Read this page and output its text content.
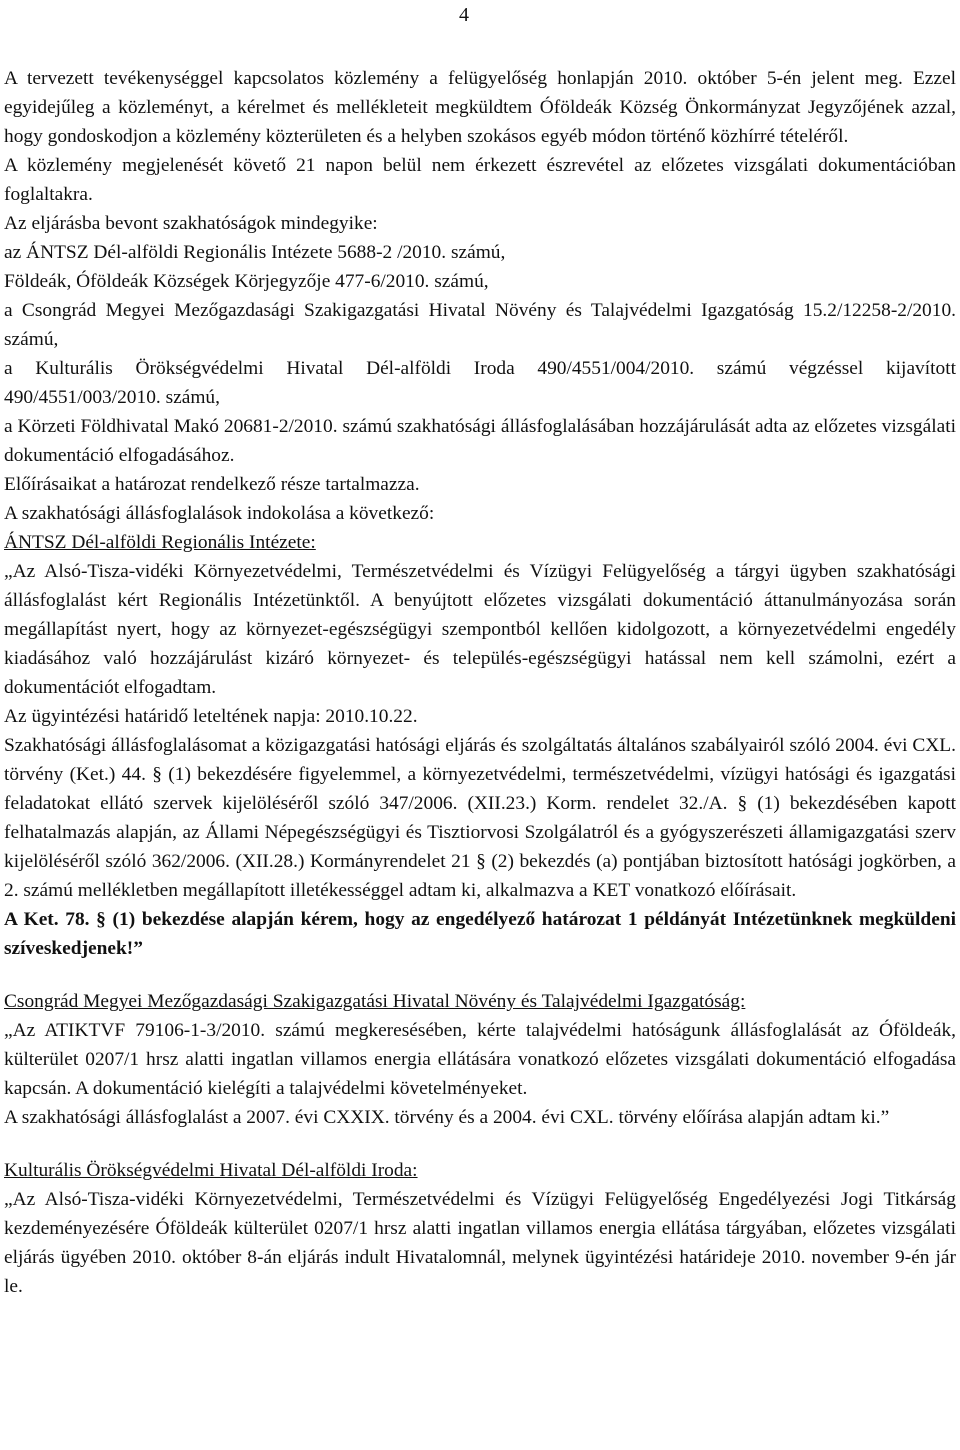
4

A tervezett tevékenységgel kapcsolatos közlemény a felügyelőség honlapján 2010. október 5-én jelent meg. Ezzel egyidejűleg a közleményt, a kérelmet és mellékleteit megküldtem Óföldeák Község Önkormányzat Jegyzőjének azzal, hogy gondoskodjon a közlemény közterületen és a helyben szokásos egyéb módon történő közhírré tételéről.

A közlemény megjelenését követő 21 napon belül nem érkezett észrevétel az előzetes vizsgálati dokumentációban foglaltakra.

Az eljárásba bevont szakhatóságok mindegyike:

az ÁNTSZ Dél-alföldi Regionális Intézete 5688-2 /2010. számú,

Földeák, Óföldeák Községek Körjegyzője 477-6/2010. számú,

a Csongrád Megyei Mezőgazdasági Szakigazgatási Hivatal Növény és Talajvédelmi Igazgatóság 15.2/12258-2/2010. számú,

a Kulturális Örökségvédelmi Hivatal Dél-alföldi Iroda 490/4551/004/2010. számú végzéssel kijavított 490/4551/003/2010. számú,

a Körzeti Földhivatal Makó 20681-2/2010. számú szakhatósági állásfoglalásában hozzájárulását adta az előzetes vizsgálati dokumentáció elfogadásához.

Előírásaikat a határozat rendelkező része tartalmazza.

A szakhatósági állásfoglalások indokolása a következő:

ÁNTSZ Dél-alföldi Regionális Intézete:

„Az Alsó-Tisza-vidéki Környezetvédelmi, Természetvédelmi és Vízügyi Felügyelőség a tárgyi ügyben szakhatósági állásfoglalást kért Regionális Intézetünktől. A benyújtott előzetes vizsgálati dokumentáció áttanulmányozása során megállapítást nyert, hogy az környezet-egészségügyi szempontból kellően kidolgozott, a környezetvédelmi engedély kiadásához való hozzájárulást kizáró környezet- és település-egészségügyi hatással nem kell számolni, ezért a dokumentációt elfogadtam.

Az ügyintézési határidő leteltének napja: 2010.10.22.

Szakhatósági állásfoglalásomat a közigazgatási hatósági eljárás és szolgáltatás általános szabályairól szóló 2004. évi CXL. törvény (Ket.) 44. § (1) bekezdésére figyelemmel, a környezetvédelmi, természetvédelmi, vízügyi hatósági és igazgatási feladatokat ellátó szervek kijelöléséről szóló 347/2006. (XII.23.) Korm. rendelet 32./A. § (1) bekezdésében kapott felhatalmazás alapján, az Állami Népegészségügyi és Tisztiorvosi Szolgálatról és a gyógyszerészeti államigazgatási szerv kijelöléséről szóló 362/2006. (XII.28.) Kormányrendelet 21 § (2) bekezdés (a) pontjában biztosított hatósági jogkörben, a 2. számú mellékletben megállapított illetékességgel adtam ki, alkalmazva a KET vonatkozó előírásait.

A Ket. 78. § (1) bekezdése alapján kérem, hogy az engedélyező határozat 1 példányát Intézetünknek megküldeni szíveskedjenek!”

Csongrád Megyei Mezőgazdasági Szakigazgatási Hivatal Növény és Talajvédelmi Igazgatóság:

„Az ATIKTVF 79106-1-3/2010. számú megkeresésében, kérte talajvédelmi hatóságunk állásfoglalását az Óföldeák, külterület 0207/1 hrsz alatti ingatlan villamos energia ellátására vonatkozó előzetes vizsgálati dokumentáció elfogadása kapcsán. A dokumentáció kielégíti a talajvédelmi követelményeket.

A szakhatósági állásfoglalást a 2007. évi CXXIX. törvény és a 2004. évi CXL. törvény előírása alapján adtam ki.”

Kulturális Örökségvédelmi Hivatal Dél-alföldi Iroda:

„Az Alsó-Tisza-vidéki Környezetvédelmi, Természetvédelmi és Vízügyi Felügyelőség Engedélyezési Jogi Titkárság kezdeményezésére Óföldeák külterület 0207/1 hrsz alatti ingatlan villamos energia ellátása tárgyában, előzetes vizsgálati eljárás ügyében 2010. október 8-án eljárás indult Hivatalomnál, melynek ügyintézési határideje 2010. november 9-én jár le.
